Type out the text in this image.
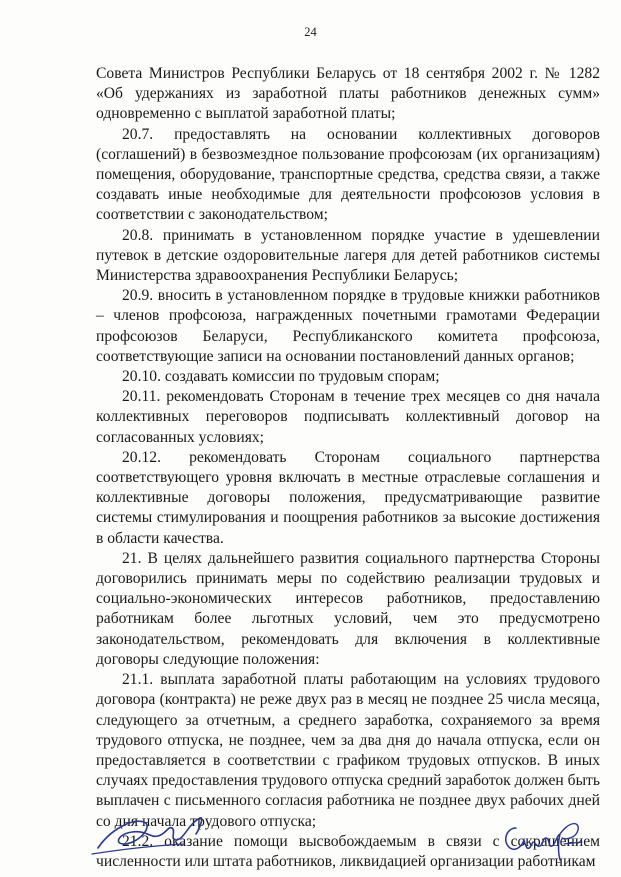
24

Совета Министров Республики Беларусь от 18 сентября 2002 г. № 1282 «Об удержаниях из заработной платы работников денежных сумм» одновременно с выплатой заработной платы;

20.7. предоставлять на основании коллективных договоров (соглашений) в безвозмездное пользование профсоюзам (их организациям) помещения, оборудование, транспортные средства, средства связи, а также создавать иные необходимые для деятельности профсоюзов условия в соответствии с законодательством;

20.8. принимать в установленном порядке участие в удешевлении путевок в детские оздоровительные лагеря для детей работников системы Министерства здравоохранения Республики Беларусь;

20.9. вносить в установленном порядке в трудовые книжки работников – членов профсоюза, награжденных почетными грамотами Федерации профсоюзов Беларуси, Республиканского комитета профсоюза, соответствующие записи на основании постановлений данных органов;

20.10. создавать комиссии по трудовым спорам;

20.11. рекомендовать Сторонам в течение трех месяцев со дня начала коллективных переговоров подписывать коллективный договор на согласованных условиях;

20.12. рекомендовать Сторонам социального партнерства соответствующего уровня включать в местные отраслевые соглашения и коллективные договоры положения, предусматривающие развитие системы стимулирования и поощрения работников за высокие достижения в области качества.

21. В целях дальнейшего развития социального партнерства Стороны договорились принимать меры по содействию реализации трудовых и социально-экономических интересов работников, предоставлению работникам более льготных условий, чем это предусмотрено законодательством, рекомендовать для включения в коллективные договоры следующие положения:

21.1. выплата заработной платы работающим на условиях трудового договора (контракта) не реже двух раз в месяц не позднее 25 числа месяца, следующего за отчетным, а среднего заработка, сохраняемого за время трудового отпуска, не позднее, чем за два дня до начала отпуска, если он предоставляется в соответствии с графиком трудовых отпусков. В иных случаях предоставления трудового отпуска средний заработок должен быть выплачен с письменного согласия работника не позднее двух рабочих дней со дня начала трудового отпуска;

21.2. оказание помощи высвобождаемым в связи с сокращением численности или штата работников, ликвидацией организации работникам
